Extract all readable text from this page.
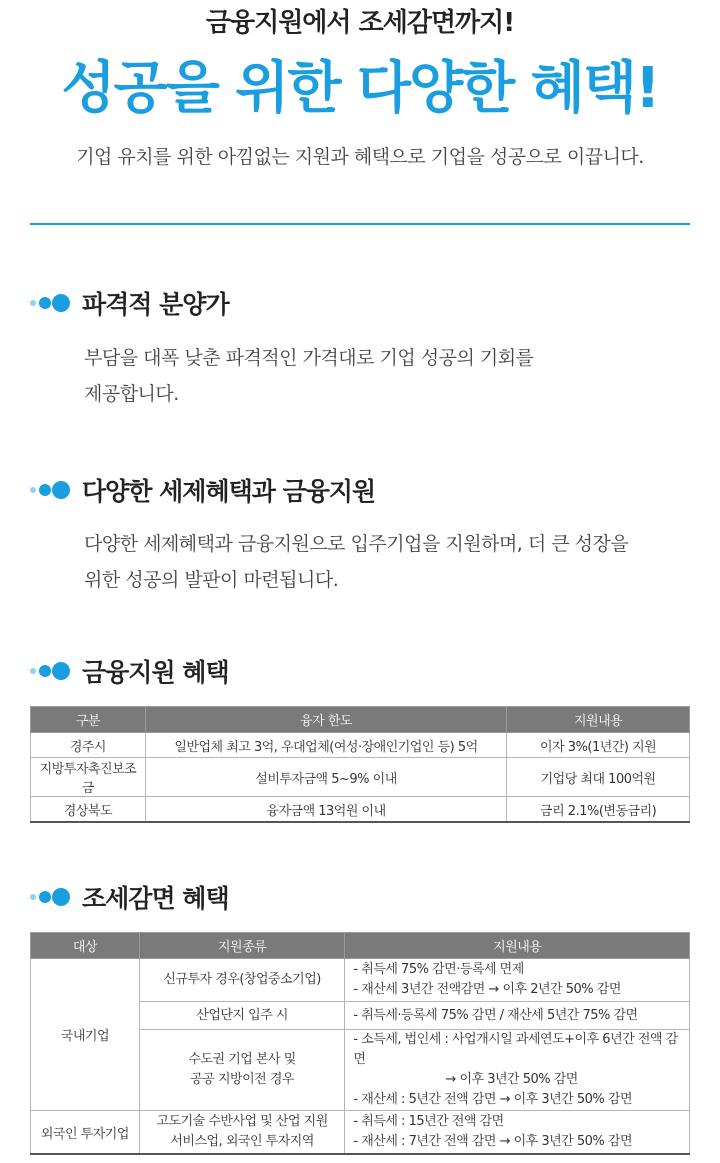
금융지원에서 조세감면까지!
성공을 위한 다양한 혜택!
기업 유치를 위한 아낌없는 지원과 혜택으로 기업을 성공으로 이끕니다.
파격적 분양가
부담을 대폭 낮춘 파격적인 가격대로 기업 성공의 기회를
제공합니다.
다양한 세제혜택과 금융지원
다양한 세제혜택과 금융지원으로 입주기업을 지원하며, 더 큰 성장을
위한 성공의 발판이 마련됩니다.
금융지원 혜택
구분	융자 한도	지원내용
경주시	일반업체 최고 3억, 우대업체(여성·장애인기업인 등) 5억	이자 3%(1년간) 지원
지방투자촉진보조금	설비투자금액 5~9% 이내	기업당 최대 100억원
경상북도	융자금액 13억원 이내	금리 2.1%(변동금리)
조세감면 혜택
대상	지원종류	지원내용
국내기업	신규투자 경우(창업중소기업)	- 취득세 75% 감면·등록세 면제
- 재산세 3년간 전액감면 → 이후 2년간 50% 감면

	산업단지 입주 시	- 취득세·등록세 75% 감면 / 재산세 5년간 75% 감면

	수도권 기업 본사 및
공공 지방이전 경우	- 소득세, 법인세 : 사업개시일 과세연도+이후 6년간 전액 감면
→ 이후 3년간 50% 감면
- 재산세 : 5년간 전액 감면 → 이후 3년간 50% 감면

외국인 투자기업	고도기술 수반사업 및 산업 지원
서비스업, 외국인 투자지역	- 취득세 : 15년간 전액 감면
- 재산세 : 7년간 전액 감면 → 이후 3년간 50% 감면
